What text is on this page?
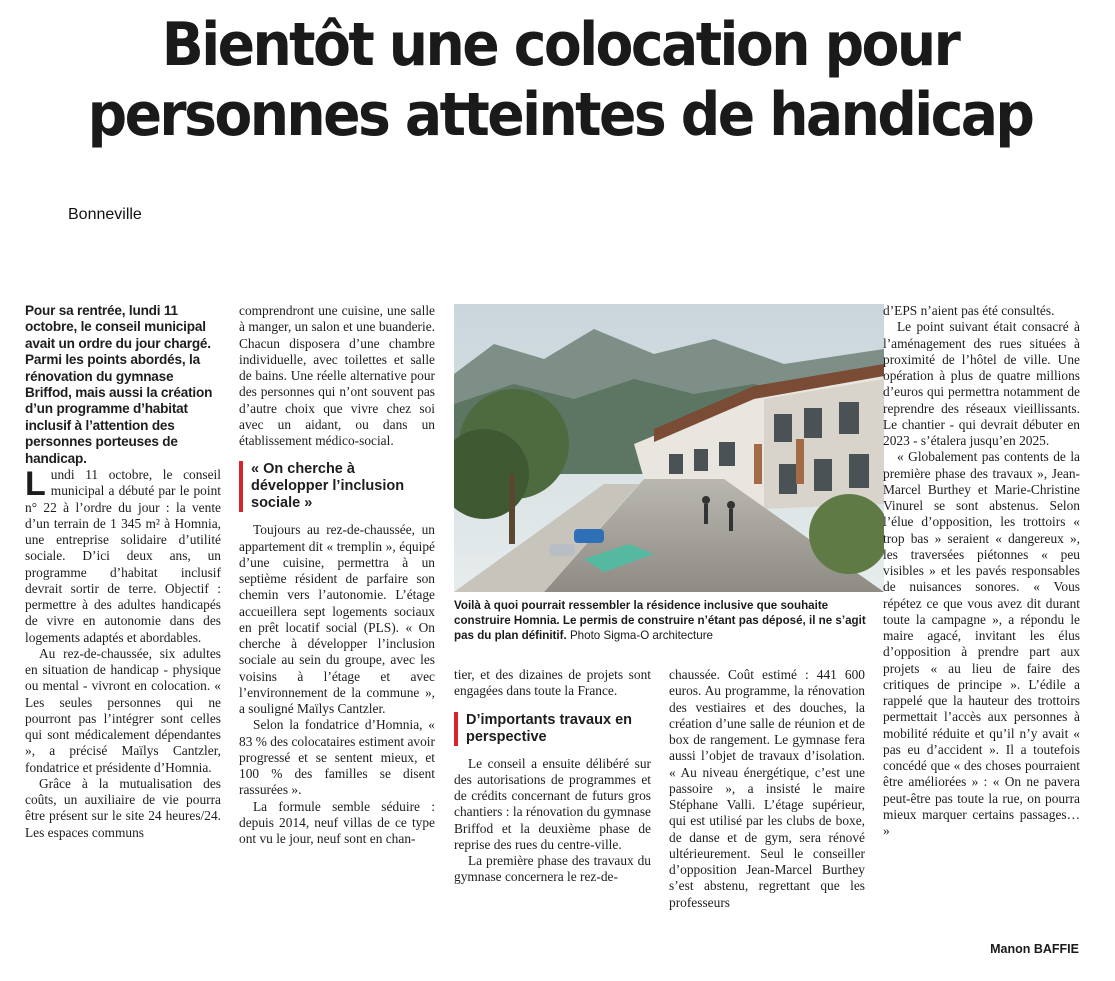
Bientôt une colocation pour
personnes atteintes de handicap
Bonneville

Pour sa rentrée, lundi 11 octobre, le conseil municipal avait un ordre du jour chargé. Parmi les points abordés, la rénovation du gymnase Briffod, mais aussi la création d’un programme d’habitat inclusif à l’attention des personnes porteuses de handicap.

Lundi 11 octobre, le conseil municipal a débuté par le point n° 22 à l’ordre du jour : la vente d’un terrain de 1 345 m² à Homnia, une entreprise solidaire d’utilité sociale. D’ici deux ans, un programme d’habitat inclusif devrait sortir de terre. Objectif : permettre à des adultes handicapés de vivre en autonomie dans des logements adaptés et abordables.

Au rez-de-chaussée, six adultes en situation de handicap - physique ou mental - vivront en colocation. « Les seules personnes qui ne pourront pas l’intégrer sont celles qui sont médicalement dépendantes », a précisé Maïlys Cantzler, fondatrice et présidente d’Homnia.

Grâce à la mutualisation des coûts, un auxiliaire de vie pourra être présent sur le site 24 heures/24. Les espaces communs

comprendront une cuisine, une salle à manger, un salon et une buanderie. Chacun disposera d’une chambre individuelle, avec toilettes et salle de bains. Une réelle alternative pour des personnes qui n’ont souvent pas d’autre choix que vivre chez soi avec un aidant, ou dans un établissement médico-social.

« On cherche à développer l’inclusion sociale »

Toujours au rez-de-chaussée, un appartement dit « tremplin », équipé d’une cuisine, permettra à un septième résident de parfaire son chemin vers l’autonomie. L’étage accueillera sept logements sociaux en prêt locatif social (PLS). « On cherche à développer l’inclusion sociale au sein du groupe, avec les voisins à l’étage et avec l’environnement de la commune », a souligné Maïlys Cantzler.

Selon la fondatrice d’Homnia, « 83 % des colocataires estiment avoir progressé et se sentent mieux, et 100 % des familles se disent rassurées ».

La formule semble séduire : depuis 2014, neuf villas de ce type ont vu le jour, neuf sont en chan-

Voilà à quoi pourrait ressembler la résidence inclusive que souhaite construire Homnia. Le permis de construire n’étant pas déposé, il ne s’agit pas du plan définitif. Photo Sigma-O architecture

tier, et des dizaines de projets sont engagées dans toute la France.

D’importants travaux en perspective

Le conseil a ensuite délibéré sur des autorisations de programmes et de crédits concernant de futurs gros chantiers : la rénovation du gymnase Briffod et la deuxième phase de reprise des rues du centre-ville.

La première phase des travaux du gymnase concernera le rez-de-

chaussée. Coût estimé : 441 600 euros. Au programme, la rénovation des vestiaires et des douches, la création d’une salle de réunion et de box de rangement. Le gymnase fera aussi l’objet de travaux d’isolation. « Au niveau énergétique, c’est une passoire », a insisté le maire Stéphane Valli. L’étage supérieur, qui est utilisé par les clubs de boxe, de danse et de gym, sera rénové ultérieurement. Seul le conseiller d’opposition Jean-Marcel Burthey s’est abstenu, regrettant que les professeurs

d’EPS n’aient pas été consultés.

Le point suivant était consacré à l’aménagement des rues situées à proximité de l’hôtel de ville. Une opération à plus de quatre millions d’euros qui permettra notamment de reprendre des réseaux vieillissants. Le chantier - qui devrait débuter en 2023 - s’étalera jusqu’en 2025.

« Globalement pas contents de la première phase des travaux », Jean-Marcel Burthey et Marie-Christine Vinurel se sont abstenus. Selon l’élue d’opposition, les trottoirs « trop bas » seraient « dangereux », les traversées piétonnes « peu visibles » et les pavés responsables de nuisances sonores. « Vous répétez ce que vous avez dit durant toute la campagne », a répondu le maire agacé, invitant les élus d’opposition à prendre part aux projets « au lieu de faire des critiques de principe ». L’édile a rappelé que la hauteur des trottoirs permettait l’accès aux personnes à mobilité réduite et qu’il n’y avait « pas eu d’accident ». Il a toutefois concédé que « des choses pourraient être améliorées » : « On ne pavera peut-être pas toute la rue, on pourra mieux marquer certains passages… »

Manon BAFFIE
